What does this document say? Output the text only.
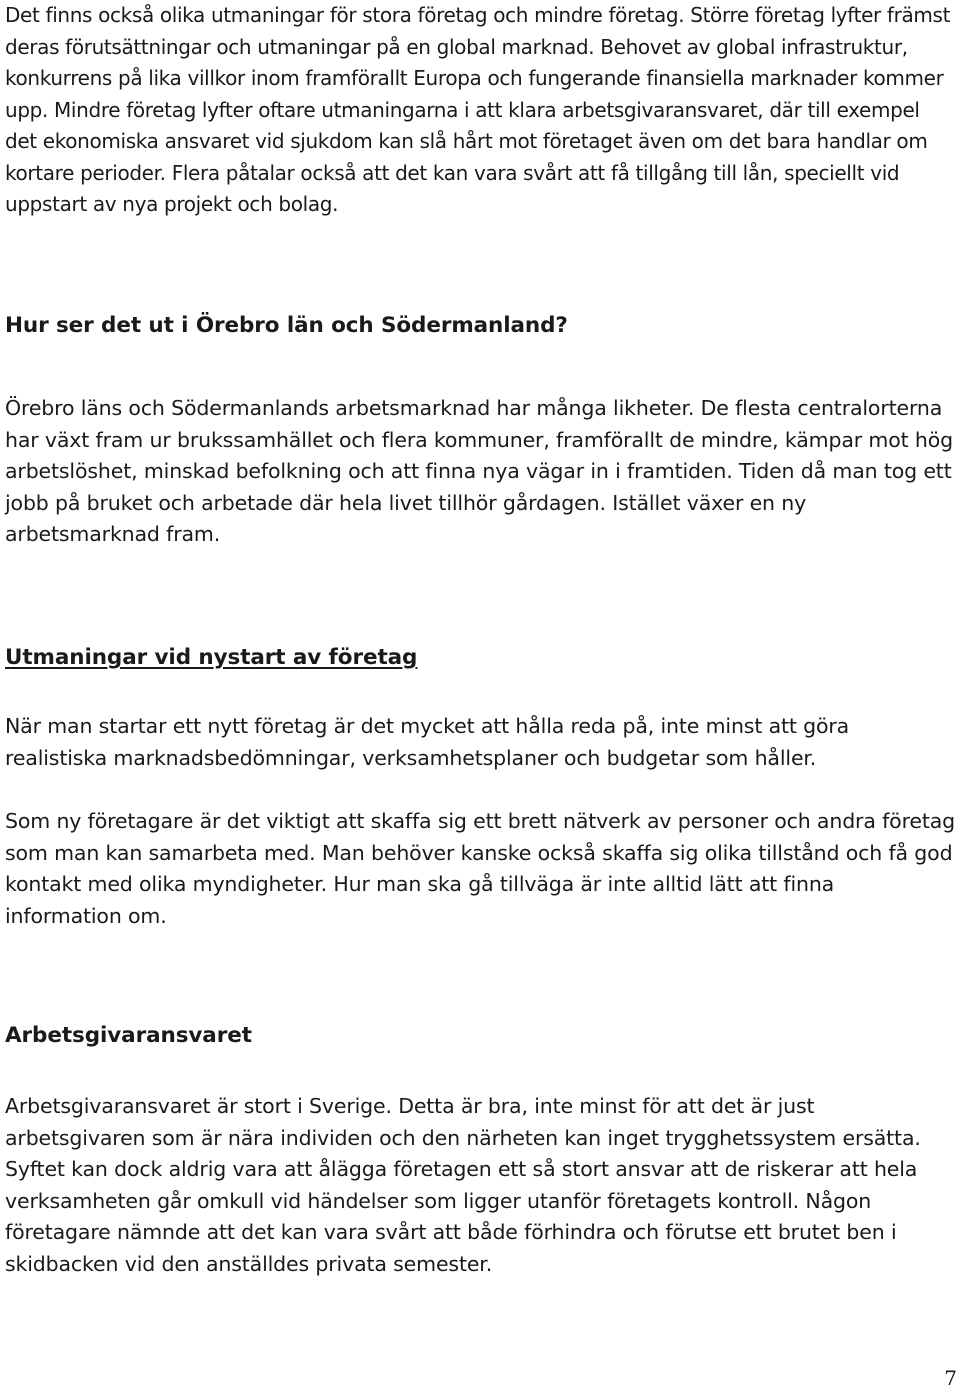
Det finns också olika utmaningar för stora företag och mindre företag. Större företag lyfter främst deras förutsättningar och utmaningar på en global marknad. Behovet av global infrastruktur, konkurrens på lika villkor inom framförallt Europa och fungerande finansiella marknader kommer upp. Mindre företag lyfter oftare utmaningarna i att klara arbetsgivaransvaret, där till exempel det ekonomiska ansvaret vid sjukdom kan slå hårt mot företaget även om det bara handlar om kortare perioder. Flera påtalar också att det kan vara svårt att få tillgång till lån, speciellt vid uppstart av nya projekt och bolag.

Hur ser det ut i Örebro län och Södermanland?

Örebro läns och Södermanlands arbetsmarknad har många likheter. De flesta centralorterna har växt fram ur brukssamhället och flera kommuner, framförallt de mindre, kämpar mot hög arbetslöshet, minskad befolkning och att finna nya vägar in i framtiden. Tiden då man tog ett jobb på bruket och arbetade där hela livet tillhör gårdagen. Istället växer en ny arbetsmarknad fram.

Utmaningar vid nystart av företag

När man startar ett nytt företag är det mycket att hålla reda på, inte minst att göra realistiska marknadsbedömningar, verksamhetsplaner och budgetar som håller.

Som ny företagare är det viktigt att skaffa sig ett brett nätverk av personer och andra företag som man kan samarbeta med. Man behöver kanske också skaffa sig olika tillstånd och få god kontakt med olika myndigheter. Hur man ska gå tillväga är inte alltid lätt att finna information om.

Arbetsgivaransvaret

Arbetsgivaransvaret är stort i Sverige. Detta är bra, inte minst för att det är just arbetsgivaren som är nära individen och den närheten kan inget trygghetssystem ersätta. Syftet kan dock aldrig vara att ålägga företagen ett så stort ansvar att de riskerar att hela verksamheten går omkull vid händelser som ligger utanför företagets kontroll. Någon företagare nämnde att det kan vara svårt att både förhindra och förutse ett brutet ben i skidbacken vid den anställdes privata semester.

7
